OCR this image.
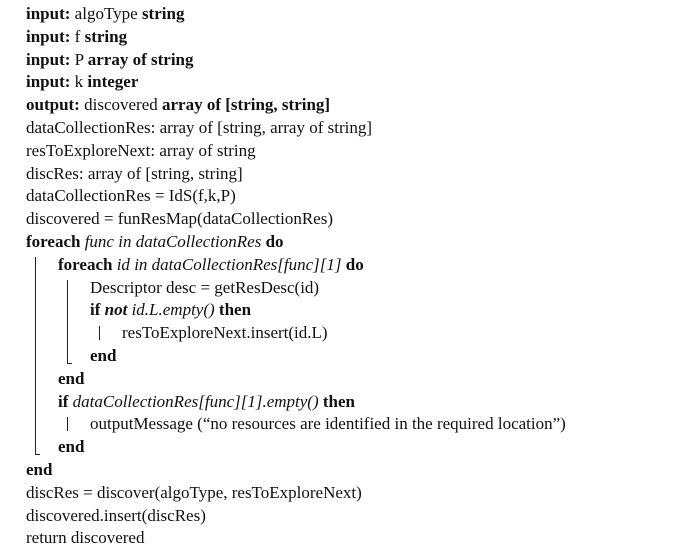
input: algoType string
input: f string
input: P array of string
input: k integer
output: discovered array of [string, string]
dataCollectionRes: array of [string, array of string]
resToExploreNext: array of string
discRes: array of [string, string]
dataCollectionRes = IdS(f,k,P)
discovered = funResMap(dataCollectionRes)
foreach func in dataCollectionRes do
foreach id in dataCollectionRes[func][1] do
Descriptor desc = getResDesc(id)
if not id.L.empty() then
resToExploreNext.insert(id.L)
end
end
if dataCollectionRes[func][1].empty() then
outputMessage (“no resources are identified in the required location”)
end
end
discRes = discover(algoType, resToExploreNext)
discovered.insert(discRes)
return discovered
